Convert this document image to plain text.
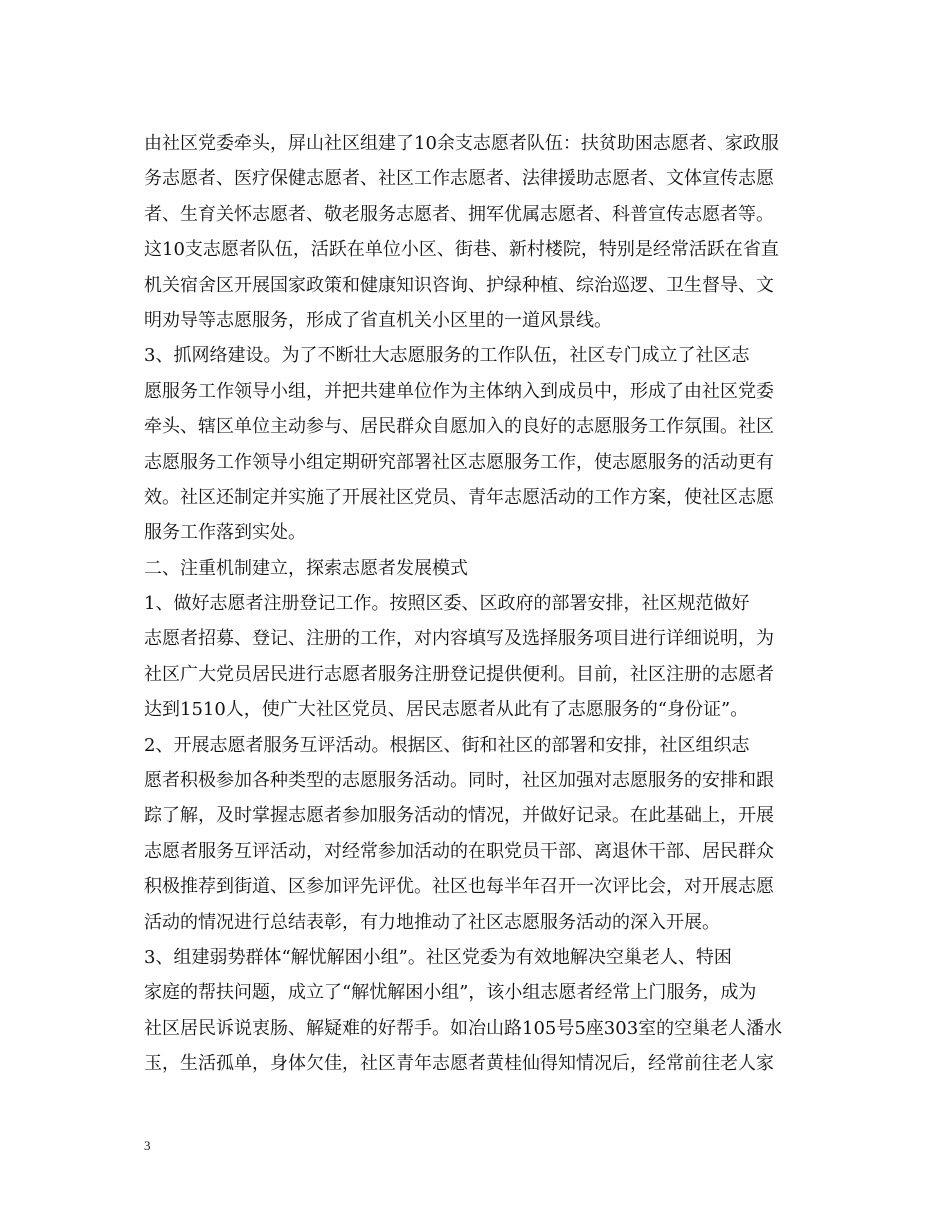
由社区党委牵头，屏山社区组建了10余支志愿者队伍：扶贫助困志愿者、家政服
务志愿者、医疗保健志愿者、社区工作志愿者、法律援助志愿者、文体宣传志愿
者、生育关怀志愿者、敬老服务志愿者、拥军优属志愿者、科普宣传志愿者等。
这10支志愿者队伍，活跃在单位小区、街巷、新村楼院，特别是经常活跃在省直
机关宿舍区开展国家政策和健康知识咨询、护绿种植、综治巡逻、卫生督导、文
明劝导等志愿服务，形成了省直机关小区里的一道风景线。
3、抓网络建设。为了不断壮大志愿服务的工作队伍，社区专门成立了社区志
愿服务工作领导小组，并把共建单位作为主体纳入到成员中，形成了由社区党委
牵头、辖区单位主动参与、居民群众自愿加入的良好的志愿服务工作氛围。社区
志愿服务工作领导小组定期研究部署社区志愿服务工作，使志愿服务的活动更有
效。社区还制定并实施了开展社区党员、青年志愿活动的工作方案，使社区志愿
服务工作落到实处。
二、注重机制建立，探索志愿者发展模式
1、做好志愿者注册登记工作。按照区委、区政府的部署安排，社区规范做好
志愿者招募、登记、注册的工作，对内容填写及选择服务项目进行详细说明，为
社区广大党员居民进行志愿者服务注册登记提供便利。目前，社区注册的志愿者
达到1510人，使广大社区党员、居民志愿者从此有了志愿服务的“身份证”。
2、开展志愿者服务互评活动。根据区、街和社区的部署和安排，社区组织志
愿者积极参加各种类型的志愿服务活动。同时，社区加强对志愿服务的安排和跟
踪了解，及时掌握志愿者参加服务活动的情况，并做好记录。在此基础上，开展
志愿者服务互评活动，对经常参加活动的在职党员干部、离退休干部、居民群众
积极推荐到街道、区参加评先评优。社区也每半年召开一次评比会，对开展志愿
活动的情况进行总结表彰，有力地推动了社区志愿服务活动的深入开展。
3、组建弱势群体“解忧解困小组”。社区党委为有效地解决空巢老人、特困
家庭的帮扶问题，成立了“解忧解困小组”，该小组志愿者经常上门服务，成为
社区居民诉说衷肠、解疑难的好帮手。如冶山路105号5座303室的空巢老人潘水
玉，生活孤单，身体欠佳，社区青年志愿者黄桂仙得知情况后，经常前往老人家
3
